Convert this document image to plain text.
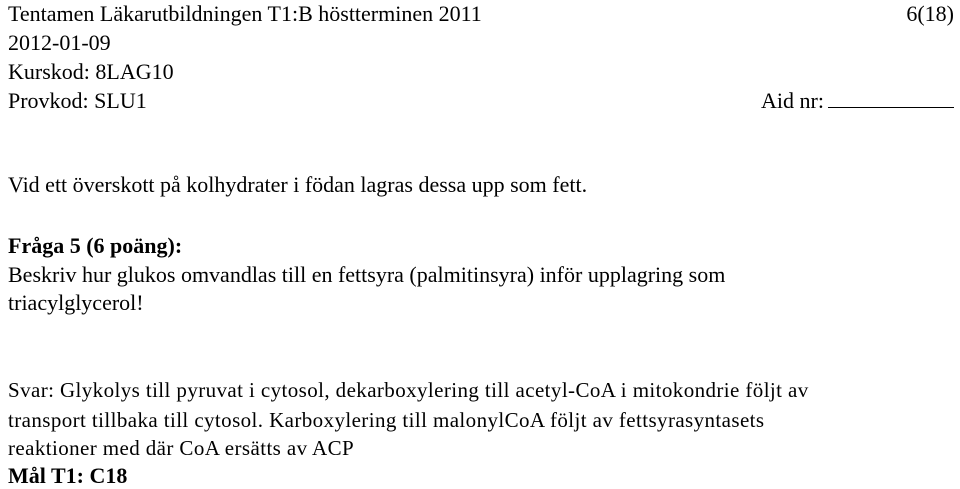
Tentamen Läkarutbildningen T1:B höstterminen 2011	6(18)
2012-01-09
Kurskod: 8LAG10
Provkod: SLU1	Aid nr:
Vid ett överskott på kolhydrater i födan lagras dessa upp som fett.
Fråga 5 (6 poäng):
Beskriv hur glukos omvandlas till en fettsyra (palmitinsyra) inför upplagring som
triacylglycerol!
Svar: Glykolys till pyruvat i cytosol, dekarboxylering till acetyl-CoA i mitokondrie följt av
transport tillbaka till cytosol. Karboxylering till malonylCoA följt av fettsyrasyntasets
reaktioner med där CoA ersätts av ACP
Mål T1: C18
